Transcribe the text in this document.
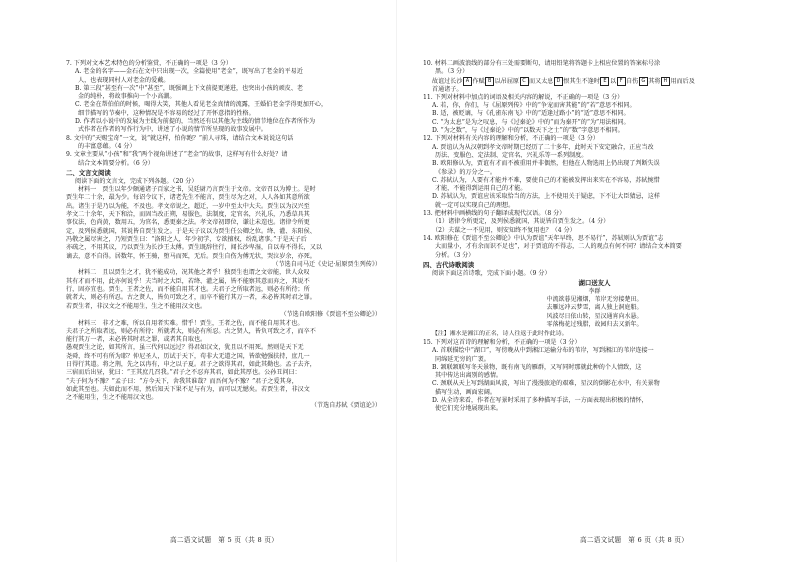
7. 下列对文本艺术特色的分析鉴赏，不正确的一项是（3 分）
A. 老金的名字——金石在文中只出现一次，全篇使用“老金”，既写出了老金的平易近
人，也表现同村人对老金的爱戴。
B. 第三段“甚至有一次”中“甚至”，既强调上下文前提更递进，也突出小孩的顽皮、老
金的纯朴，将故事推向一个小高潮。
C. 老金在帮伯伯的时候，喝得大笑，其他人看见老金真情的流露，王婚伯老金学得更加开心，
细节描写的节奏中，这种情况是不容易的经过了开怀意指的性格。
D. 作者以小说中的发展为主线为前提的，当然还有以其他为主线的情节地位在作者所作为
式作者在作者的写作行为中，讲述了小说的情节所呈现的故事发展中。
8. 文中的“天赐宝奇”一文，说“就这样，怕你跑？”前人寻珠，请结合文本说说这句话
的丰富意蕴。（4 分）
9. 文章主要从“小孩”和“我”两个视角讲述了“老金”的故事，这样写有什么好处？请
结合文本简要分析。（6 分）
二、文言文阅读
阅读下面的文言文，完成下列各题。（20 分）
材料一　贾生以年少颇通诸子百家之书，吴廷尉乃言贾生于文帝。文帝召以为博士。是时
贾生年二十余，最为少。每诏令议下，诸老先生不能言，贾生尽为之对，人人各如其意所欲
出。诸生于是乃以为能，不及也。孝文帝说之，超迁，一岁中至太中大夫。贾生以为汉兴至
孝文二十余年，天下和洽，而固当改正朔，易服色，法制度，定官名，兴礼乐，乃悉草具其
事仪法，色尚黄，数用五，为官名，悉更秦之法。孝文帝初即位，谦让未遑也。诸律令所更
定，及列侯悉就国，其说皆自贾生发之。于是天子议以为贾生任公卿之位。绛、灌、东阳侯、
冯敬之属尽害之，乃短贾生曰：“洛阳之人，年少初学，专欲擅权，纷乱诸事。”于是天子后
亦疏之，不用其议，乃以贾生为长沙王太傅。贾生既辞往行，闻长沙卑湿，自以寿不得长，又以
谪去，意不自得。居数年，怀王骑，堕马而死，无后。贾生自伤为傅无状，哭泣岁余，亦死。
（节选自司马迁《史记·屈原贾生列传》）
材料二　且以贾生之才，犹不能成功，况其他之者乎！独贾生也谓之文帝能，世人众叹
其有才而不用，此亦何说乎！夫当时之大臣，若绛、灌之属，皆不能察其意而弃之，其说不
行，固亦宜也。贾生，王者之佐，而不能自用其才也。夫君子之所取者远，则必有所待；所
就者大，则必有所忍。古之贤人，皆负可致之才，而卒不能行其万一者，未必皆其时君之罪。
若贾生者，非汉文之不能用生，生之不能用汉文也。
（节选自欧阳修《贾谊不至公卿论》）
材料三　非才之难，所以自用者实难。惜乎！贾生，王者之佐，而不能自用其才也。
夫君子之所取者远，则必有所待；所就者大，则必有所忍。古之贤人，皆负可致之才，而卒不
能行其万一者，未必皆其时君之罪，或者其自取也。
愚观贾生之论，如其所言，虽三代何以远过？得君如汉文，犹且以不用死。然则是天下无
尧舜，终不可有所为耶？仲尼圣人，历试于天下，苟非大无道之国，皆欲勉强扶持，庶几一
日得行其道。将之荆，先之以冉有，申之以子夏。君子之欲得其君，如此其勤也。孟子去齐，
三宿而后出昼，犹曰：“王其庶几召我。”君子之不忍弃其君，如此其厚也。公孙丑问曰：
“夫子何为不豫？”孟子曰：“方今天下，舍我其谁哉？而吾何为不豫？”君子之爱其身，
如此其至也。夫如此而不用，然后知天下果不足与有为，而可以无憾矣。若贾生者，非汉文
之不能用生，生之不能用汉文也。
（节选自苏轼《贾谊论》）
高二语文试题　第 5 页（共 8 页）
10. 材料二画波浪线的部分有三处需要断句，请用铅笔将答题卡上相应位置的答案标号涂
黑。（3 分）
故谊过长沙 A 作赋 B 以吊屈原 C 而又太息 D 恨其生不逢时 E 以 F 自伤 G 其将 H 用而后及
首通诸子。
11. 下列对材料中加点的词语及相关内容的解说，不正确的一项是（3 分）
A. 若，你，你们，与《屈原列传》中的“争宠而害其能”的“若”意思不相同。
B. 适，被贬谪，与《孔雀东南飞》中的“适逢过路小”的“适”意思不相同。
C. “为太息”是为之叹息，与《过秦论》中的“而为秦开”的“为”用法相同。
D. “为之数”，与《过秦论》中的“以数天下之士”的“数”字意思不相同。
12. 下列对材料有关内容的理解和分析，不正确的一项是（3 分）
A. 贾谊认为从汉朝到孝文帝时期已经历了二十多年，此时天下安定融合，正应当改
历法、变服色、定法制、定官名、兴礼乐等一系列制度。
B. 欧阳修认为，贾谊有才而不被重用并非偶然，但他在人物选用上仍出现了判断失误
《参录》的万分之一。
C. 苏轼认为，人要有才能并不难，要使自己的才能被发挥出来实在不容易，苏轼惋惜
才能，不能得到运用自己的才能。
D. 苏轼认为，贾谊应该采取恰当的方法，上不使用关于疑虑，下不让大臣猜忌，这样
就一定可以实现自己的理想。
13. 把材料中画横线的句子翻译成现代汉语。（8 分）
（1）诸律令所更定，及列侯悉就国，其说皆自贾生发之。（4 分）
（2）夫谋之一不见用，则安知终不复用也？（4 分）
14. 欧阳修在《贾谊不至公卿论》中认为贾谊“天年早终，思不易行”，苏轼则认为贾谊“志
大而量小，才有余而识不足也”，对于贾谊的不得志，二人的观点有何不同？请结合文本简要
分析。（3 分）
四、古代诗歌阅读
阅读下面这首诗歌，完成下面小题。（9 分）
湖口送友人
李群
中流欲暮见湘烟，苇岸无穷接楚田。
去雁远冲云梦雪，离人独上洞庭船。
风波尽日依山转，星汉通宵向水悬。
零落梅花过残腊，故园归去又新年。
【注】湘水是湘江的正名，诗人往返于此时作此诗。
15. 下列对这首诗的理解和分析，不正确的一项是（3 分）
A. 首联描绘中“湖口”，写傍晚从中到湘江运输分布的苇岸，写到湘江的苇岸连接一
同绵延无穷的广袤。
B. 颔联颔联写冬天景物，既有南飞的雁群，又写同时那就此种的个人情致，这
其中传达出离别的感情。
C. 颈联从天上写到湖面风波，写出了漫漫旅途的艰难，星汉的倒影在水中，有关景物
描写生动，画面宏阔。
D. 从全诗来看，作者在写景时采用了多种描写手法，一方面表现出积极的情怀，
使它们充分地展现出来。
高二语文试题　第 6 页（共 8 页）
